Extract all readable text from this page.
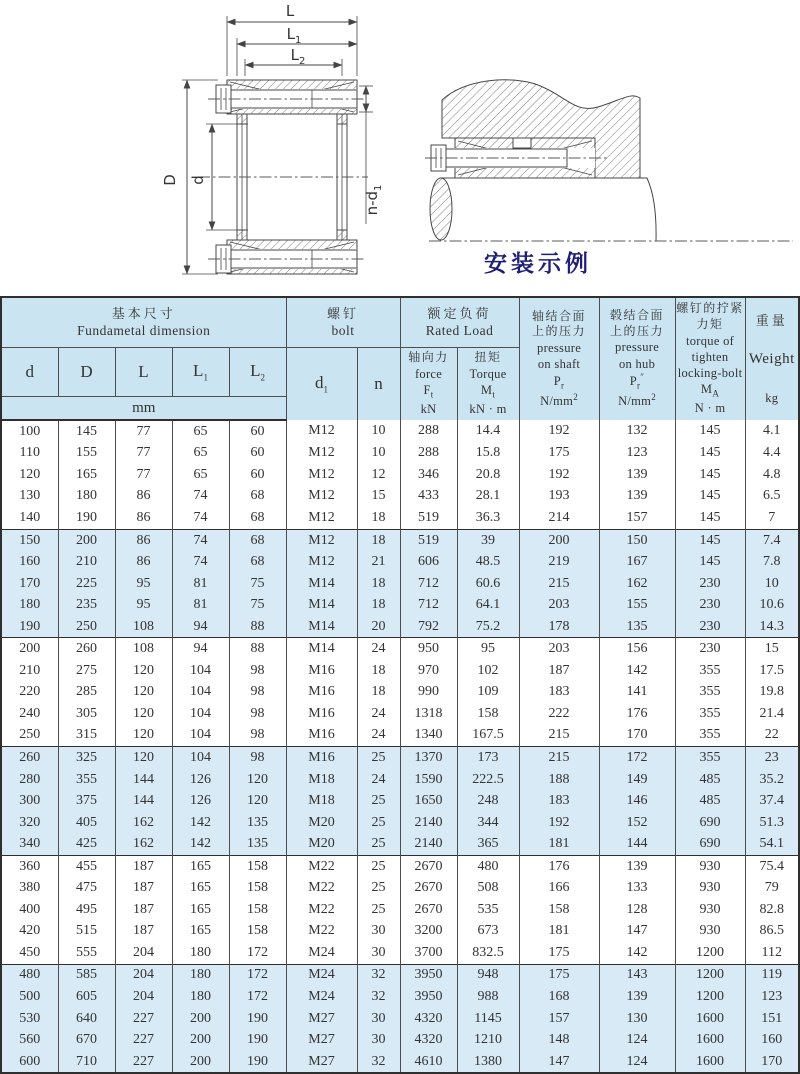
L
$L_1$
$L_2$
D d
$n-d_1$
安装示例
基本尺寸
Fundametal dimension

螺钉
bolt

额定负荷
Rated Load

轴结合面
上的压力
pressure
on shaft
$P_r$
$N/mm^2$

毂结合面
上的压力
pressure
on hub
$P_r''$
$N/mm^2$

螺钉的拧紧
力矩
torque of
tighten
locking-bolt
$M_A$
N · m

重量
Weight
kg

d	D	L	$L_1$	$L_2$	$d_1$	n	
轴向力
force
$F_t$
kN

扭矩
Torque
$M_t$
kN · m

mm												
100	145	77	65	60	M12	10	288	14.4	192	132	145	4.1
110	155	77	65	60	M12	10	288	15.8	175	123	145	4.4
120	165	77	65	60	M12	12	346	20.8	192	139	145	4.8
130	180	86	74	68	M12	15	433	28.1	193	139	145	6.5
140	190	86	74	68	M12	18	519	36.3	214	157	145	7
150	200	86	74	68	M12	18	519	39	200	150	145	7.4
160	210	86	74	68	M12	21	606	48.5	219	167	145	7.8
170	225	95	81	75	M14	18	712	60.6	215	162	230	10
180	235	95	81	75	M14	18	712	64.1	203	155	230	10.6
190	250	108	94	88	M14	20	792	75.2	178	135	230	14.3
200	260	108	94	88	M14	24	950	95	203	156	230	15
210	275	120	104	98	M16	18	970	102	187	142	355	17.5
220	285	120	104	98	M16	18	990	109	183	141	355	19.8
240	305	120	104	98	M16	24	1318	158	222	176	355	21.4
250	315	120	104	98	M16	24	1340	167.5	215	170	355	22
260	325	120	104	98	M16	25	1370	173	215	172	355	23
280	355	144	126	120	M18	24	1590	222.5	188	149	485	35.2
300	375	144	126	120	M18	25	1650	248	183	146	485	37.4
320	405	162	142	135	M20	25	2140	344	192	152	690	51.3
340	425	162	142	135	M20	25	2140	365	181	144	690	54.1
360	455	187	165	158	M22	25	2670	480	176	139	930	75.4
380	475	187	165	158	M22	25	2670	508	166	133	930	79
400	495	187	165	158	M22	25	2670	535	158	128	930	82.8
420	515	187	165	158	M22	30	3200	673	181	147	930	86.5
450	555	204	180	172	M24	30	3700	832.5	175	142	1200	112
480	585	204	180	172	M24	32	3950	948	175	143	1200	119
500	605	204	180	172	M24	32	3950	988	168	139	1200	123
530	640	227	200	190	M27	30	4320	1145	157	130	1600	151
560	670	227	200	190	M27	30	4320	1210	148	124	1600	160
600	710	227	200	190	M27	32	4610	1380	147	124	1600	170
